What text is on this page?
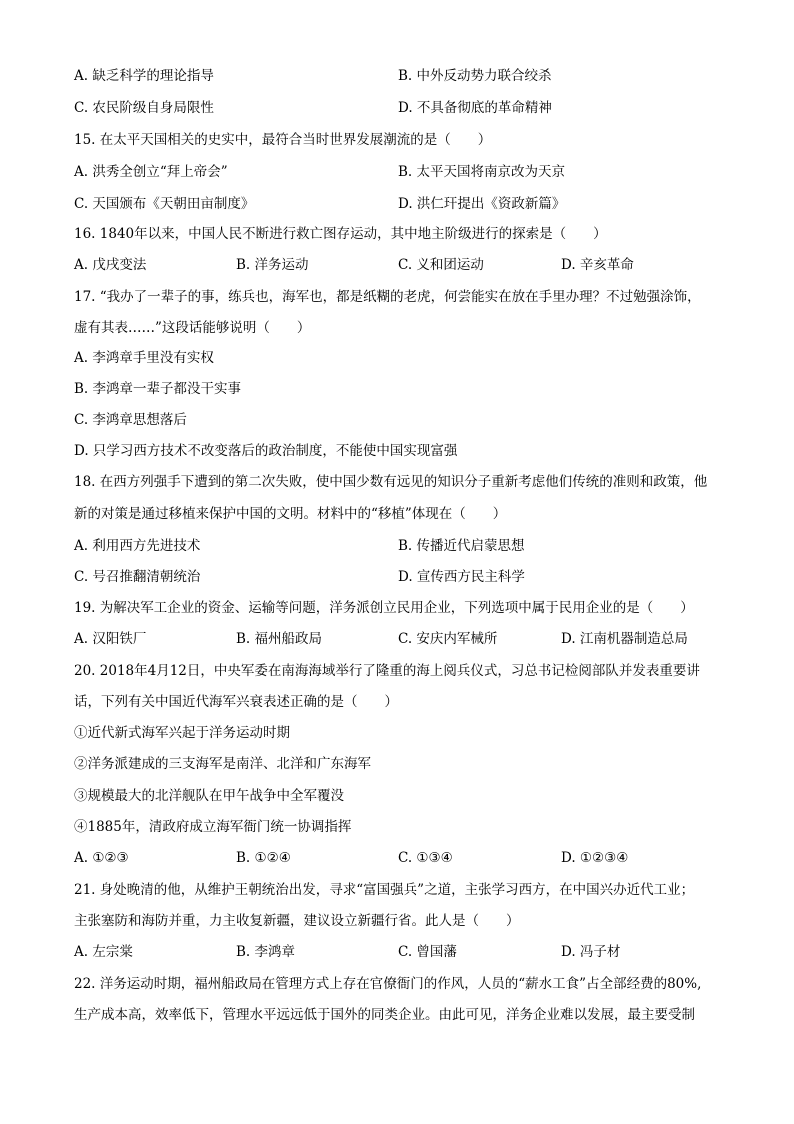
A. 缺乏科学的理论指导	B. 中外反动势力联合绞杀
C. 农民阶级自身局限性	D. 不具备彻底的革命精神
15. 在太平天国相关的史实中，最符合当时世界发展潮流的是（　　）
A. 洪秀全创立“拜上帝会”	B. 太平天国将南京改为天京
C. 天国颁布《天朝田亩制度》	D. 洪仁玕提出《资政新篇》
16. 1840年以来，中国人民不断进行救亡图存运动，其中地主阶级进行的探索是（　　）
A. 戊戌变法	B. 洋务运动	C. 义和团运动	D. 辛亥革命
17. “我办了一辈子的事，练兵也，海军也，都是纸糊的老虎，何尝能实在放在手里办理？不过勉强涂饰，
虚有其表……”这段话能够说明（　　）
A. 李鸿章手里没有实权
B. 李鸿章一辈子都没干实事
C. 李鸿章思想落后
D. 只学习西方技术不改变落后的政治制度，不能使中国实现富强
18. 在西方列强手下遭到的第二次失败，使中国少数有远见的知识分子重新考虑他们传统的准则和政策，他
新的对策是通过移植来保护中国的文明。材料中的“移植”体现在（　　）
A. 利用西方先进技术	B. 传播近代启蒙思想
C. 号召推翻清朝统治	D. 宣传西方民主科学
19. 为解决军工企业的资金、运输等问题，洋务派创立民用企业，下列选项中属于民用企业的是（　　）
A. 汉阳铁厂	B. 福州船政局	C. 安庆内军械所	D. 江南机器制造总局
20. 2018年4月12日，中央军委在南海海域举行了隆重的海上阅兵仪式，习总书记检阅部队并发表重要讲
话，下列有关中国近代海军兴衰表述正确的是（　　）
①近代新式海军兴起于洋务运动时期
②洋务派建成的三支海军是南洋、北洋和广东海军
③规模最大的北洋舰队在甲午战争中全军覆没
④1885年，清政府成立海军衙门统一协调指挥
A. ①②③	B. ①②④	C. ①③④	D. ①②③④
21. 身处晚清的他，从维护王朝统治出发，寻求“富国强兵”之道，主张学习西方，在中国兴办近代工业；
主张塞防和海防并重，力主收复新疆，建议设立新疆行省。此人是（　　）
A. 左宗棠	B. 李鸿章	C. 曾国藩	D. 冯子材
22. 洋务运动时期，福州船政局在管理方式上存在官僚衙门的作风，人员的“薪水工食”占全部经费的80%,
生产成本高，效率低下，管理水平远远低于国外的同类企业。由此可见，洋务企业难以发展，最主要受制
